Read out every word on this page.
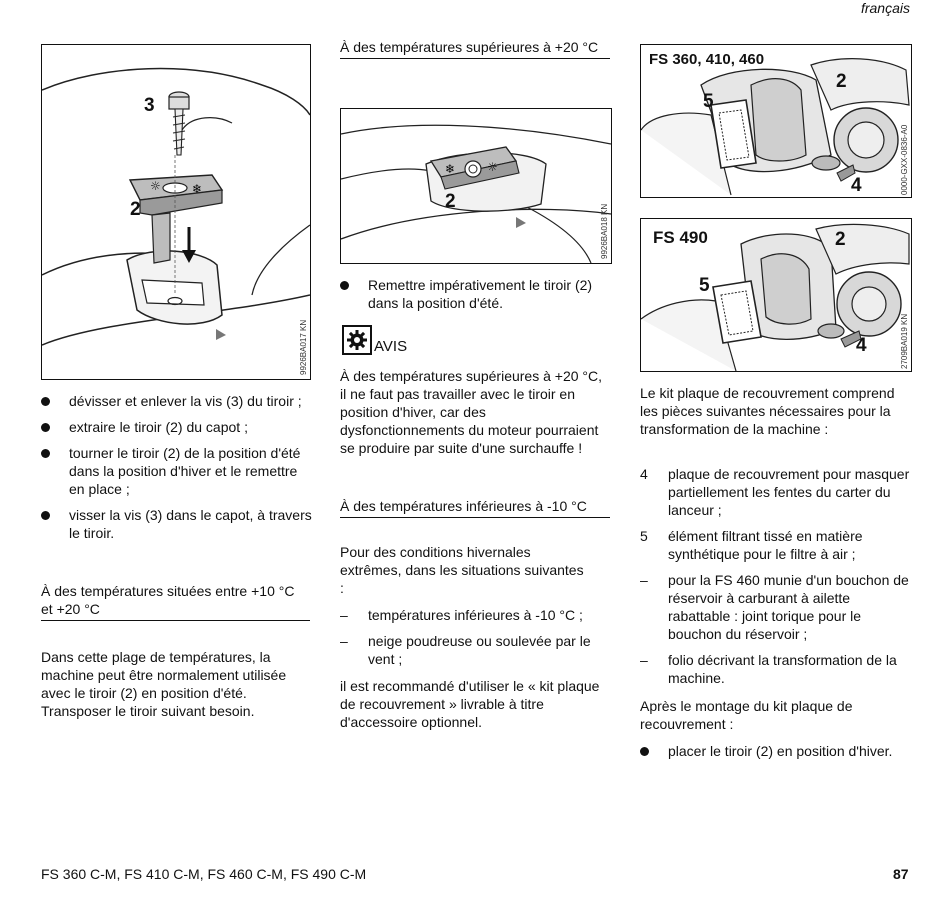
français
☼	❄
3
2
9926BA017 KN
dévisser et enlever la vis (3) du tiroir ;
extraire le tiroir (2) du capot ;
tourner le tiroir (2) de la position d'été dans la position d'hiver et le remettre en place ;
visser la vis (3) dans le capot, à travers le tiroir.
À des températures situées entre +10 °C et +20 °C

Dans cette plage de températures, la machine peut être normalement utilisée avec le tiroir (2) en position d'été. Transposer le tiroir suivant besoin.

À des températures supérieures à +20 °C
❄	☼
2
9926BA018 KN
Remettre impérativement le tiroir (2) dans la position d'été.
AVIS

À des températures supérieures à +20 °C, il ne faut pas travailler avec le tiroir en position d'hiver, car des dysfonctionnements du moteur pourraient se produire par suite d'une surchauffe !

À des températures inférieures à -10 °C

Pour des conditions hivernales extrêmes, dans les situations suivantes :

–	températures inférieures à -10 °C ;
–	neige poudreuse ou soulevée par le vent ;

il est recommandé d'utiliser le « kit plaque de recouvrement » livrable à titre d'accessoire optionnel.

FS 360, 410, 460
2
5
4	0000-GXX-0836-A0
FS 490	2
5
4	2709BA019 KN

Le kit plaque de recouvrement comprend les pièces suivantes nécessaires pour la transformation de la machine :

4	plaque de recouvrement pour masquer partiellement les fentes du carter du lanceur ;
5	élément filtrant tissé en matière synthétique pour le filtre à air ;
–	pour la FS 460 munie d'un bouchon de réservoir à carburant à ailette rabattable : joint torique pour le bouchon du réservoir ;
–	folio décrivant la transformation de la machine.

Après le montage du kit plaque de recouvrement :

placer le tiroir (2) en position d'hiver.
FS 360 C-M, FS 410 C-M, FS 460 C-M, FS 490 C-M	87
